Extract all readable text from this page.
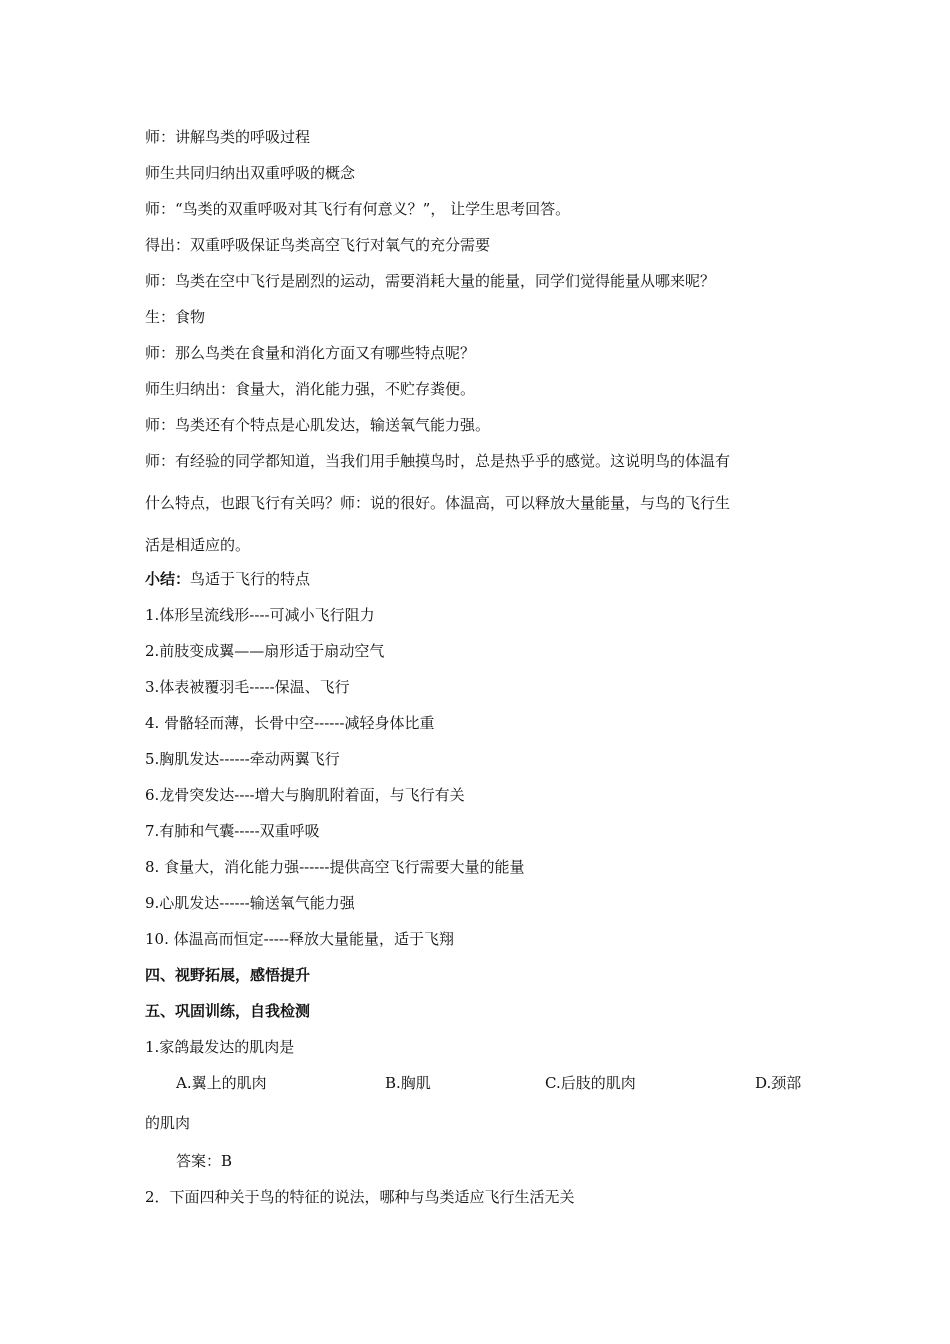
师：讲解鸟类的呼吸过程
师生共同归纳出双重呼吸的概念
师：“鸟类的双重呼吸对其飞行有何意义？”， 让学生思考回答。
得出：双重呼吸保证鸟类高空飞行对氧气的充分需要
师：鸟类在空中飞行是剧烈的运动，需要消耗大量的能量，同学们觉得能量从哪来呢？
生：食物
师：那么鸟类在食量和消化方面又有哪些特点呢？
师生归纳出：食量大，消化能力强，不贮存粪便。
师：鸟类还有个特点是心肌发达，输送氧气能力强。
师：有经验的同学都知道，当我们用手触摸鸟时，总是热乎乎的感觉。这说明鸟的体温有
什么特点，也跟飞行有关吗？师：说的很好。体温高，可以释放大量能量，与鸟的飞行生
活是相适应的。
小结：鸟适于飞行的特点
1.体形呈流线形----可减小飞行阻力
2.前肢变成翼——扇形适于扇动空气
3.体表被覆羽毛-----保温、飞行
4. 骨骼轻而薄，长骨中空------减轻身体比重
5.胸肌发达------牵动两翼飞行
6.龙骨突发达----增大与胸肌附着面，与飞行有关
7.有肺和气囊-----双重呼吸
8. 食量大，消化能力强------提供高空飞行需要大量的能量
9.心肌发达------输送氧气能力强
10. 体温高而恒定-----释放大量能量，适于飞翔
四、视野拓展，感悟提升
五、巩固训练，自我检测
1.家鸽最发达的肌肉是
A.翼上的肌肉	B.胸肌	C.后肢的肌肉	D.颈部
的肌肉
答案：B
2．下面四种关于鸟的特征的说法，哪种与鸟类适应飞行生活无关
